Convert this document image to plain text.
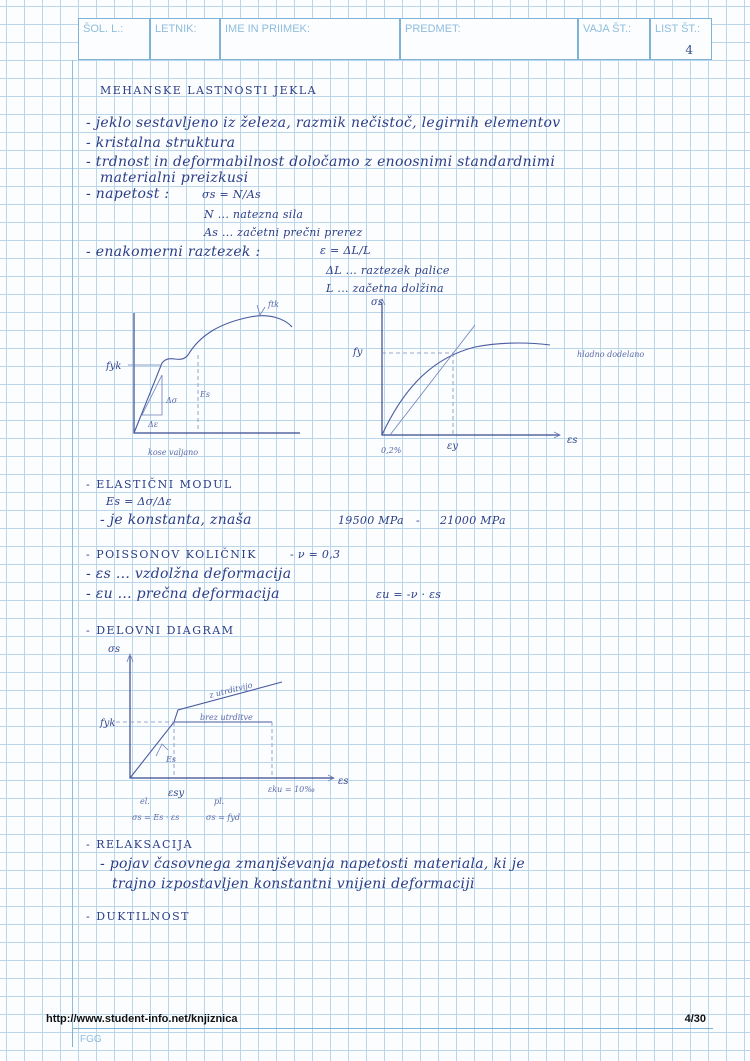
ŠOL. L.:	LETNIK:	IME IN PRIIMEK:	PREDMET:	VAJA ŠT.:	LIST ŠT.:
4
MEHANSKE LASTNOSTI JEKLA
- jeklo sestavljeno iz železa, razmik nečistoč, legirnih elementov
- kristalna struktura
- trdnost in deformabilnost določamo z enoosnimi standardnimi
materialni preizkusi
- napetost :	σs = N/As
N ... natezna sila
As ... začetni prečni prerez
- enakomerni raztezek :	ε = ΔL/L
ΔL ... raztezek palice
L ... začetna dolžina
fyk
ftk
Δσ
Δε
Es
kose valjano
σs
fy
εs
εy
0,2%
hladno dodelano
- ELASTIČNI MODUL
Es = Δσ/Δε
- je konstanta, znaša	19500 MPa - 21000 MPa
- POISSONOV KOLIČNIK	- ν = 0,3
- εs ... vzdolžna deformacija
- εu ... prečna deformacija	εu = -ν · εs
- DELOVNI DIAGRAM
σs
fyk
Es
εsy	εku = 10‰
εs
z utrditvijo
brez utrditve
el.
σs = Es · εs
pl.
σs = fyd
- RELAKSACIJA
- pojav časovnega zmanjševanja napetosti materiala, ki je
trajno izpostavljen konstantni vnijeni deformaciji
- DUKTILNOST
http://www.student-info.net/knjiznica	4/30
FGG
